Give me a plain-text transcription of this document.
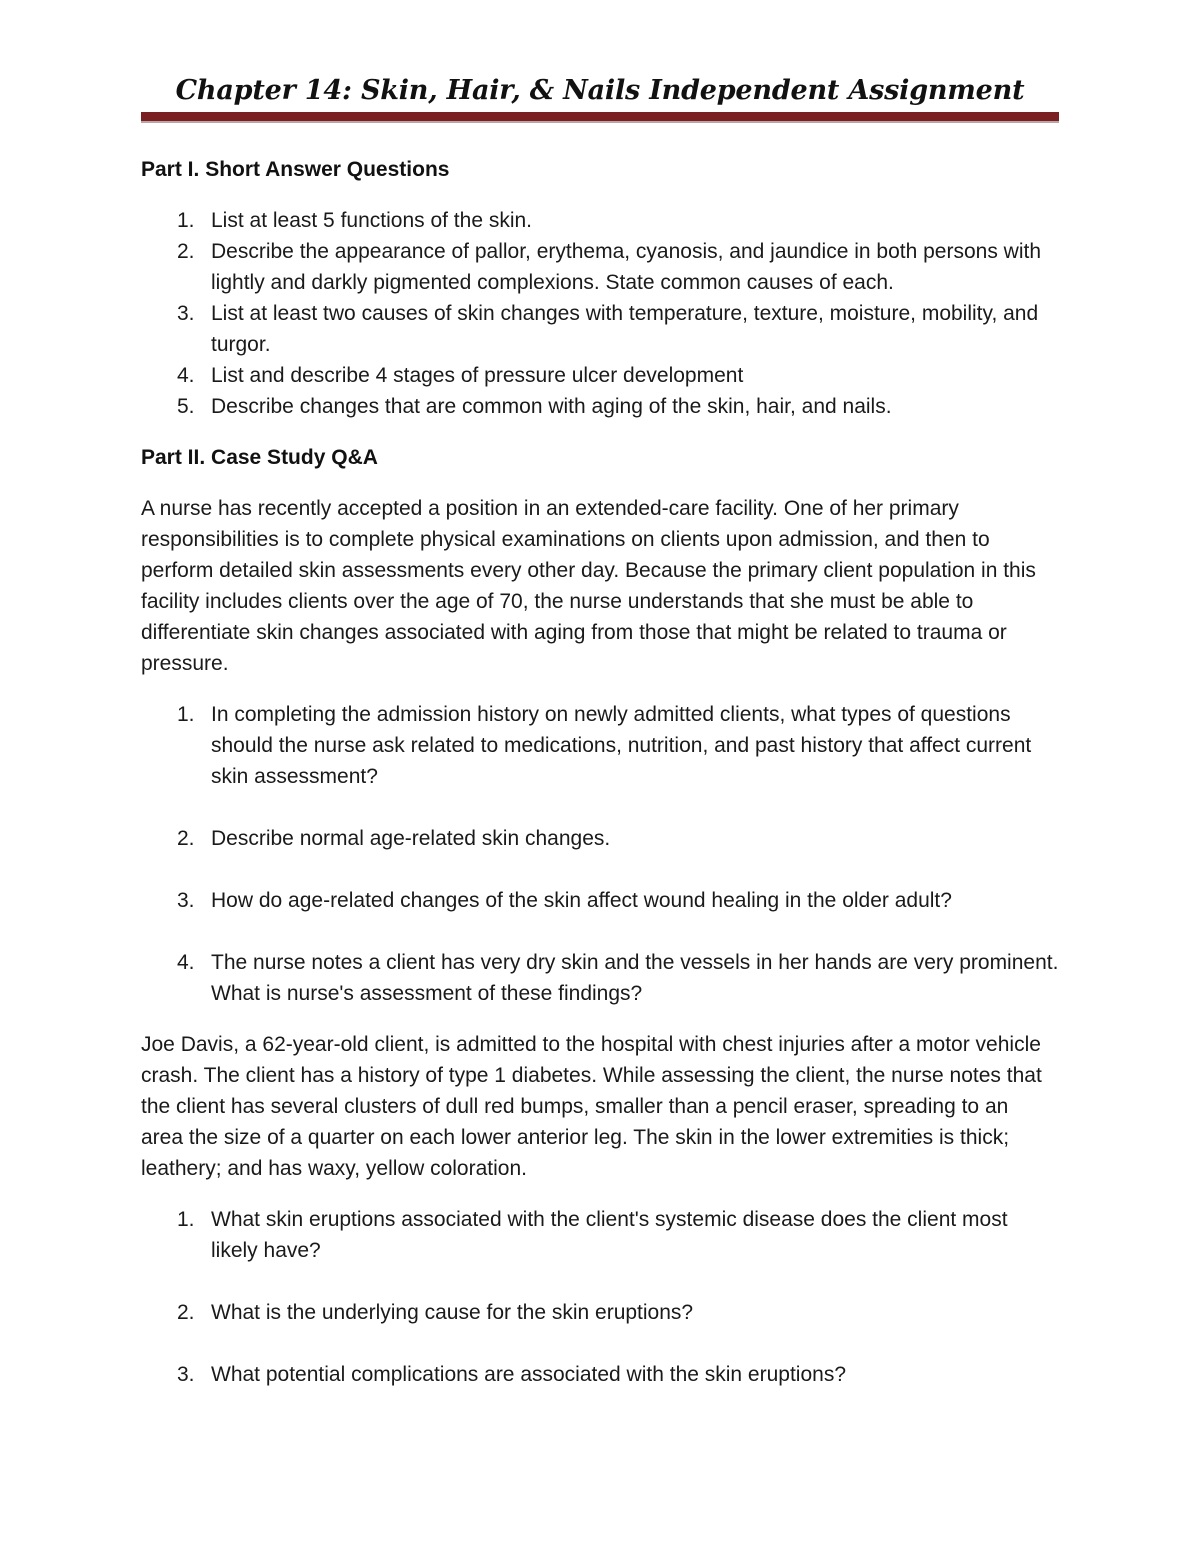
Chapter 14: Skin, Hair, & Nails Independent Assignment
Part I. Short Answer Questions
1. List at least 5 functions of the skin.
2. Describe the appearance of pallor, erythema, cyanosis, and jaundice in both persons with lightly and darkly pigmented complexions. State common causes of each.
3. List at least two causes of skin changes with temperature, texture, moisture, mobility, and turgor.
4. List and describe 4 stages of pressure ulcer development
5. Describe changes that are common with aging of the skin, hair, and nails.
Part II. Case Study Q&A

A nurse has recently accepted a position in an extended-care facility. One of her primary responsibilities is to complete physical examinations on clients upon admission, and then to perform detailed skin assessments every other day. Because the primary client population in this facility includes clients over the age of 70, the nurse understands that she must be able to differentiate skin changes associated with aging from those that might be related to trauma or pressure.

1. In completing the admission history on newly admitted clients, what types of questions should the nurse ask related to medications, nutrition, and past history that affect current skin assessment?
2. Describe normal age-related skin changes.
3. How do age-related changes of the skin affect wound healing in the older adult?
4. The nurse notes a client has very dry skin and the vessels in her hands are very prominent. What is nurse's assessment of these findings?

Joe Davis, a 62-year-old client, is admitted to the hospital with chest injuries after a motor vehicle crash. The client has a history of type 1 diabetes. While assessing the client, the nurse notes that the client has several clusters of dull red bumps, smaller than a pencil eraser, spreading to an area the size of a quarter on each lower anterior leg. The skin in the lower extremities is thick; leathery; and has waxy, yellow coloration.

1. What skin eruptions associated with the client's systemic disease does the client most likely have?
2. What is the underlying cause for the skin eruptions?
3. What potential complications are associated with the skin eruptions?
